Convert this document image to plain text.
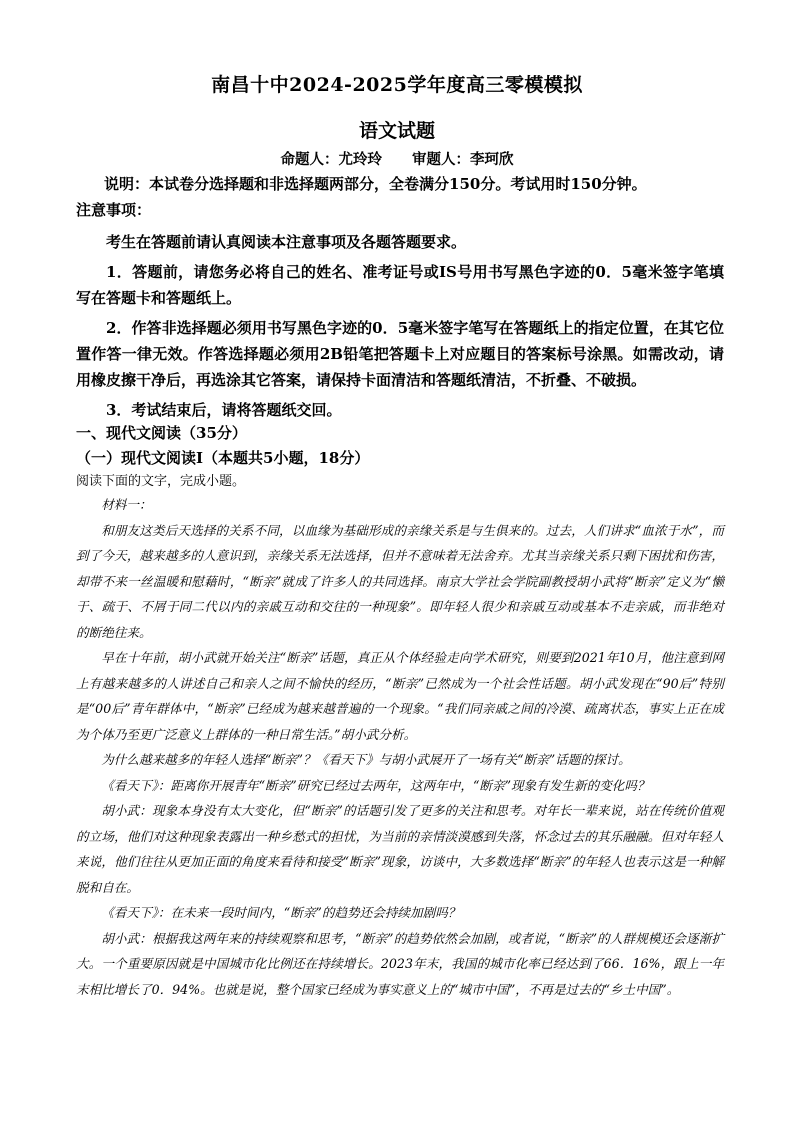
南昌十中2024-2025学年度高三零模模拟
语文试题
命题人：尤玲玲 审题人：李珂欣

说明：本试卷分选择题和非选择题两部分，全卷满分150分。考试用时150分钟。

注意事项：

考生在答题前请认真阅读本注意事项及各题答题要求。

1．答题前，请您务必将自己的姓名、准考证号或IS号用书写黑色字迹的0．5毫米签字笔填写在答题卡和答题纸上。

2．作答非选择题必须用书写黑色字迹的0．5毫米签字笔写在答题纸上的指定位置，在其它位置作答一律无效。作答选择题必须用2B铅笔把答题卡上对应题目的答案标号涂黑。如需改动，请用橡皮擦干净后，再选涂其它答案，请保持卡面清洁和答题纸清洁，不折叠、不破损。

3．考试结束后，请将答题纸交回。

一、现代文阅读（35分）

（一）现代文阅读Ⅰ（本题共5小题，18分）

阅读下面的文字，完成小题。

材料一：

和朋友这类后天选择的关系不同，以血缘为基础形成的亲缘关系是与生俱来的。过去，人们讲求“血浓于水”，而到了今天，越来越多的人意识到，亲缘关系无法选择，但并不意味着无法舍弃。尤其当亲缘关系只剩下困扰和伤害，却带不来一丝温暖和慰藉时，“断亲”就成了许多人的共同选择。南京大学社会学院副教授胡小武将“断亲”定义为“懒于、疏于、不屑于同二代以内的亲戚互动和交往的一种现象”。即年轻人很少和亲戚互动或基本不走亲戚，而非绝对的断绝往来。

早在十年前，胡小武就开始关注“断亲”话题，真正从个体经验走向学术研究，则要到2021年10月，他注意到网上有越来越多的人讲述自己和亲人之间不愉快的经历，“断亲”已然成为一个社会性话题。胡小武发现在“90后”特别是“00后”青年群体中，“断亲”已经成为越来越普遍的一个现象。“我们同亲戚之间的冷漠、疏离状态，事实上正在成为个体乃至更广泛意义上群体的一种日常生活。”胡小武分析。

为什么越来越多的年轻人选择“断亲”？《看天下》与胡小武展开了一场有关“断亲”话题的探讨。

《看天下》：距离你开展青年“断亲”研究已经过去两年，这两年中，“断亲”现象有发生新的变化吗？

胡小武：现象本身没有太大变化，但“断亲”的话题引发了更多的关注和思考。对年长一辈来说，站在传统价值观的立场，他们对这种现象表露出一种乡愁式的担忧，为当前的亲情淡漠感到失落，怀念过去的其乐融融。但对年轻人来说，他们往往从更加正面的角度来看待和接受“断亲”现象，访谈中，大多数选择“断亲”的年轻人也表示这是一种解脱和自在。

《看天下》：在未来一段时间内，“断亲”的趋势还会持续加剧吗？

胡小武：根据我这两年来的持续观察和思考，“断亲”的趋势依然会加剧，或者说，“断亲”的人群规模还会逐渐扩大。一个重要原因就是中国城市化比例还在持续增长。2023年末，我国的城市化率已经达到了66．16%，跟上一年末相比增长了0．94%。也就是说，整个国家已经成为事实意义上的“城市中国”，不再是过去的“乡土中国”。
